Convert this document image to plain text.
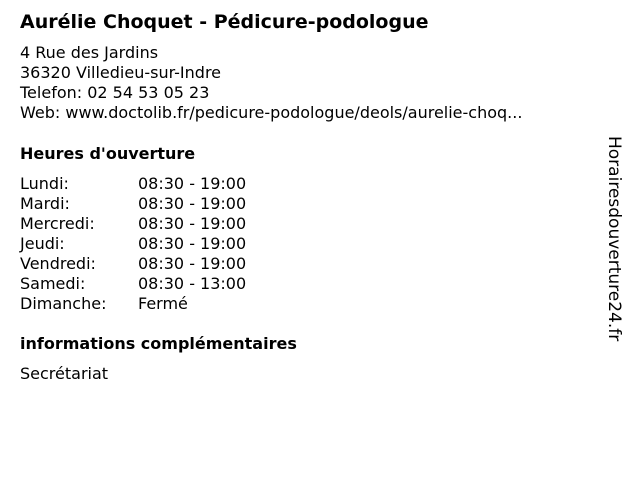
Aurélie Choquet - Pédicure-podologue
4 Rue des Jardins
36320 Villedieu-sur-Indre
Telefon: 02 54 53 05 23
Web: www.doctolib.fr/pedicure-podologue/deols/aurelie-choq...
Heures d'ouverture
Lundi:	08:30 - 19:00
Mardi:	08:30 - 19:00
Mercredi:	08:30 - 19:00
Jeudi:	08:30 - 19:00
Vendredi:	08:30 - 19:00
Samedi:	08:30 - 13:00
Dimanche: Fermé
informations complémentaires
Secrétariat
Horairesdouverture24.fr
